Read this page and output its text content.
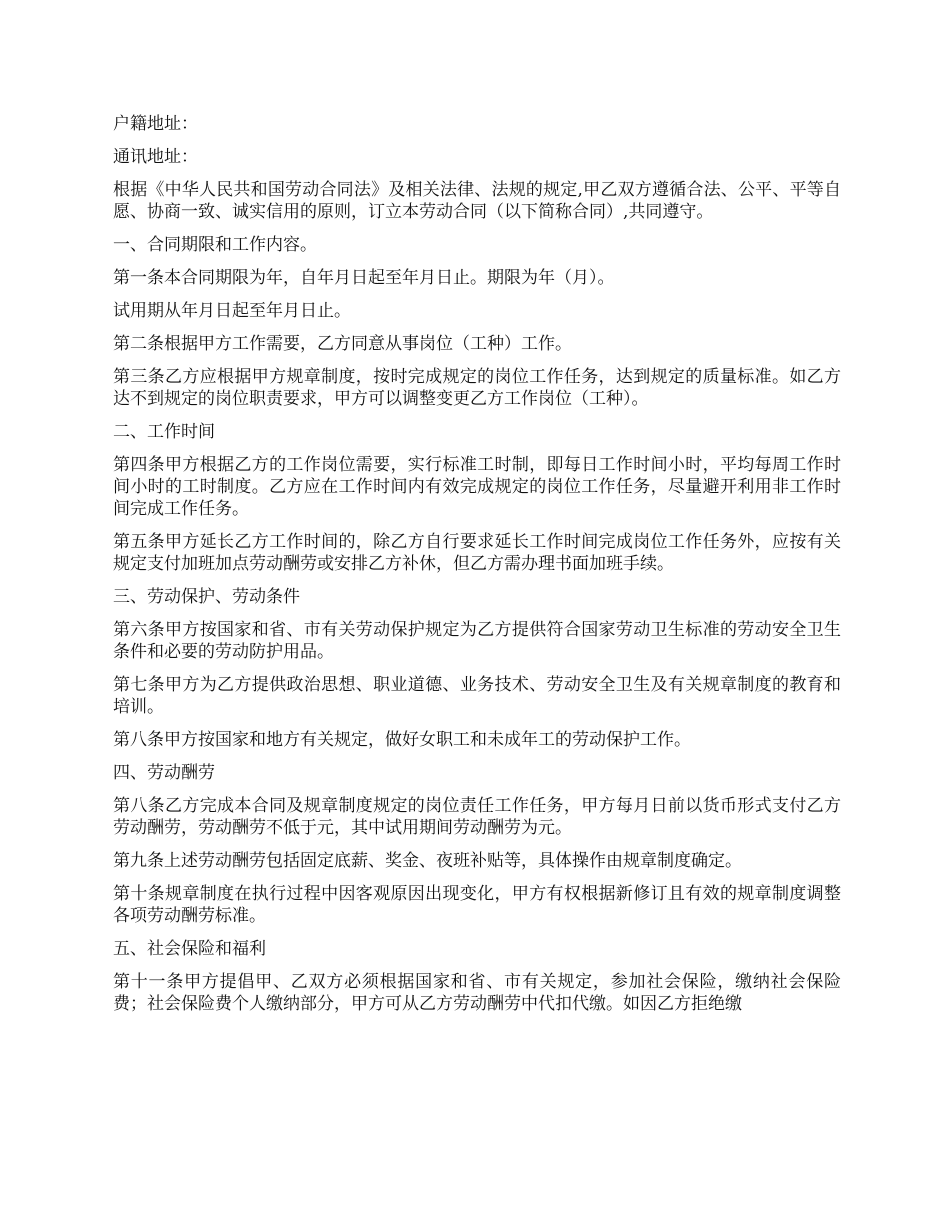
户籍地址：

通讯地址：

根据《中华人民共和国劳动合同法》及相关法律、法规的规定,甲乙双方遵循合法、公平、平等自愿、协商一致、诚实信用的原则，订立本劳动合同（以下简称合同）,共同遵守。

一、合同期限和工作内容。

第一条本合同期限为年，自年月日起至年月日止。期限为年（月）。

试用期从年月日起至年月日止。

第二条根据甲方工作需要，乙方同意从事岗位（工种）工作。

第三条乙方应根据甲方规章制度，按时完成规定的岗位工作任务，达到规定的质量标准。如乙方达不到规定的岗位职责要求，甲方可以调整变更乙方工作岗位（工种）。

二、工作时间

第四条甲方根据乙方的工作岗位需要，实行标准工时制，即每日工作时间小时，平均每周工作时间小时的工时制度。乙方应在工作时间内有效完成规定的岗位工作任务，尽量避开利用非工作时间完成工作任务。

第五条甲方延长乙方工作时间的，除乙方自行要求延长工作时间完成岗位工作任务外，应按有关规定支付加班加点劳动酬劳或安排乙方补休，但乙方需办理书面加班手续。

三、劳动保护、劳动条件

第六条甲方按国家和省、市有关劳动保护规定为乙方提供符合国家劳动卫生标准的劳动安全卫生条件和必要的劳动防护用品。

第七条甲方为乙方提供政治思想、职业道德、业务技术、劳动安全卫生及有关规章制度的教育和培训。

第八条甲方按国家和地方有关规定，做好女职工和未成年工的劳动保护工作。

四、劳动酬劳

第八条乙方完成本合同及规章制度规定的岗位责任工作任务，甲方每月日前以货币形式支付乙方劳动酬劳，劳动酬劳不低于元，其中试用期间劳动酬劳为元。

第九条上述劳动酬劳包括固定底薪、奖金、夜班补贴等，具体操作由规章制度确定。

第十条规章制度在执行过程中因客观原因出现变化，甲方有权根据新修订且有效的规章制度调整各项劳动酬劳标准。

五、社会保险和福利

第十一条甲方提倡甲、乙双方必须根据国家和省、市有关规定，参加社会保险，缴纳社会保险费；社会保险费个人缴纳部分，甲方可从乙方劳动酬劳中代扣代缴。如因乙方拒绝缴
